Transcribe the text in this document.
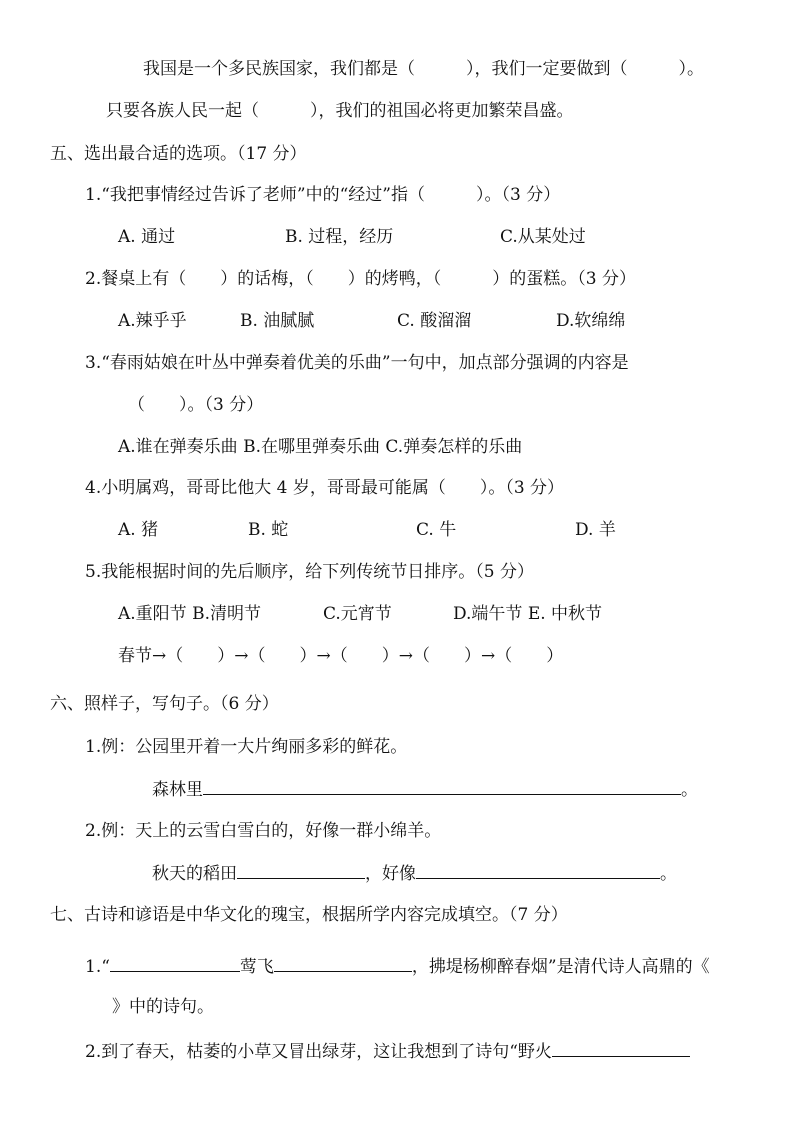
我国是一个多民族国家，我们都是（　　　），我们一定要做到（　　　）。
只要各族人民一起（　　　），我们的祖国必将更加繁荣昌盛。
五、选出最合适的选项。（17 分）
1.“我把事情经过告诉了老师”中的“经过”指（　　　）。（3 分）
A. 通过	B. 过程，经历	C.从某处过
2.餐桌上有（　　）的话梅，（　　）的烤鸭，（　　　）的蛋糕。（3 分）
A.辣乎乎	B. 油腻腻	C. 酸溜溜	D.软绵绵
3.“春雨姑娘在叶丛中弹奏着优美的乐曲”一句中，加点部分强调的内容是
（　　）。（3 分）
A.谁在弹奏乐曲 B.在哪里弹奏乐曲 C.弹奏怎样的乐曲
4.小明属鸡，哥哥比他大 4 岁，哥哥最可能属（　　）。（3 分）
A. 猪	B. 蛇	C. 牛	D. 羊
5.我能根据时间的先后顺序，给下列传统节日排序。（5 分）
A.重阳节 B.清明节	C.元宵节	D.端午节 E. 中秋节
春节→（　　）→（　　）→（　　）→（　　）→（　　）
六、照样子，写句子。（6 分）
1.例：公园里开着一大片绚丽多彩的鲜花。
森林里	。
2.例：天上的云雪白雪白的，好像一群小绵羊。
秋天的稻田	，好像	。
七、古诗和谚语是中华文化的瑰宝，根据所学内容完成填空。（7 分）
1.“	莺飞	，拂堤杨柳醉春烟”是清代诗人高鼎的《
》中的诗句。
2.到了春天，枯萎的小草又冒出绿芽，这让我想到了诗句“野火
